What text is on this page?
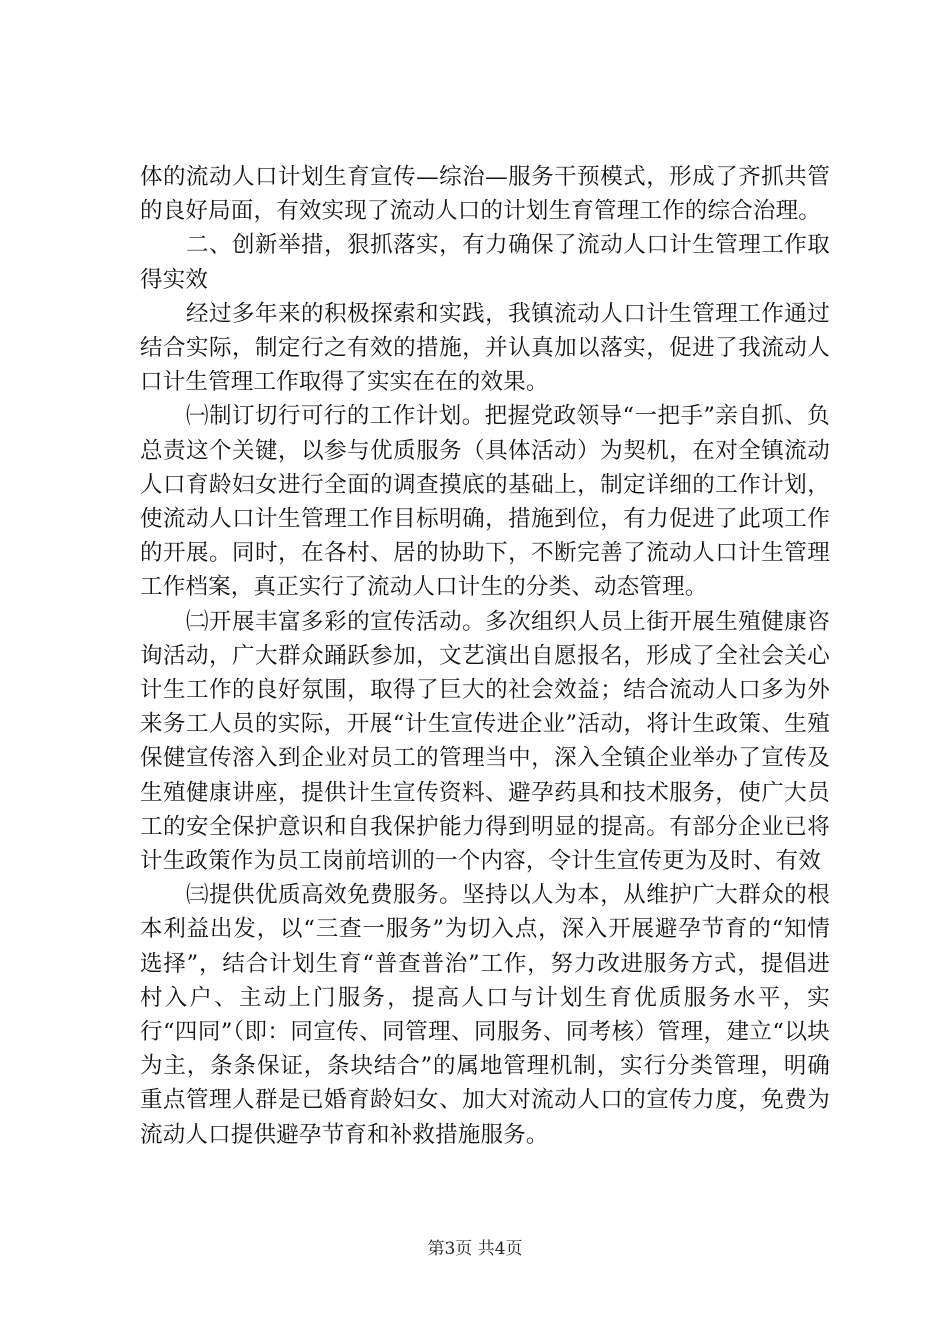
体的流动人口计划生育宣传—综治—服务干预模式，形成了齐抓共管的良好局面，有效实现了流动人口的计划生育管理工作的综合治理。

二、创新举措，狠抓落实，有力确保了流动人口计生管理工作取得实效

经过多年来的积极探索和实践，我镇流动人口计生管理工作通过结合实际，制定行之有效的措施，并认真加以落实，促进了我流动人口计生管理工作取得了实实在在的效果。

㈠制订切行可行的工作计划。把握党政领导“一把手”亲自抓、负总责这个关键，以参与优质服务（具体活动）为契机，在对全镇流动人口育龄妇女进行全面的调查摸底的基础上，制定详细的工作计划，使流动人口计生管理工作目标明确，措施到位，有力促进了此项工作的开展。同时，在各村、居的协助下，不断完善了流动人口计生管理工作档案，真正实行了流动人口计生的分类、动态管理。

㈡开展丰富多彩的宣传活动。多次组织人员上街开展生殖健康咨询活动，广大群众踊跃参加，文艺演出自愿报名，形成了全社会关心计生工作的良好氛围，取得了巨大的社会效益；结合流动人口多为外来务工人员的实际，开展“计生宣传进企业”活动，将计生政策、生殖保健宣传溶入到企业对员工的管理当中，深入全镇企业举办了宣传及生殖健康讲座，提供计生宣传资料、避孕药具和技术服务，使广大员工的安全保护意识和自我保护能力得到明显的提高。有部分企业已将计生政策作为员工岗前培训的一个内容，令计生宣传更为及时、有效

㈢提供优质高效免费服务。坚持以人为本，从维护广大群众的根本利益出发，以“三查一服务”为切入点，深入开展避孕节育的“知情选择”，结合计划生育“普查普治”工作，努力改进服务方式，提倡进村入户、主动上门服务，提高人口与计划生育优质服务水平，实行“四同”（即：同宣传、同管理、同服务、同考核）管理，建立“以块为主，条条保证，条块结合”的属地管理机制，实行分类管理，明确重点管理人群是已婚育龄妇女、加大对流动人口的宣传力度，免费为流动人口提供避孕节育和补救措施服务。

第3页 共4页
